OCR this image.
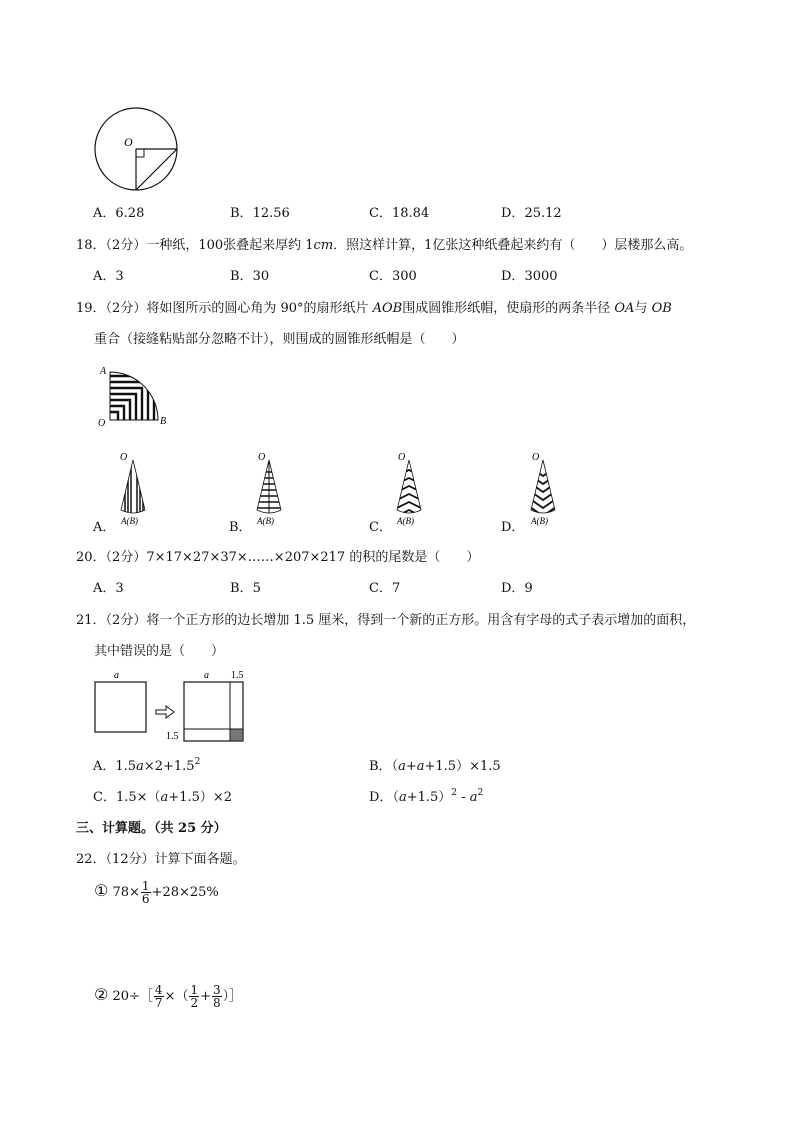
O
A．6.28	B．12.56	C．18.84	D．25.12
18．（2分）一种纸，100张叠起来厚约 1cm．照这样计算，1亿张这种纸叠起来约有（　　）层楼那么高。
A．3	B．30	C．300	D．3000
19．（2分）将如图所示的圆心角为 90°的扇形纸片 AOB围成圆锥形纸帽，使扇形的两条半径 OA与 OB
重合（接缝粘贴部分忽略不计），则围成的圆锥形纸帽是（　　）
A
O	B
O
A(B)
A．
O
A(B)
B．
O
A(B)
C．
O
A(B)
D．
20．（2分）7×17×27×37×……×207×217 的积的尾数是（　　）
A．3	B．5	C．7	D．9
21．（2分）将一个正方形的边长增加 1.5 厘米，得到一个新的正方形。用含有字母的式子表示增加的面积，
其中错误的是（　　）
a	a 1.5
1.5
A．$1.5a\times 2+1.5^2$	B．（a+a+1.5）×1.5
C．1.5×（a+1.5）×2	D．$(a+1.5)^2 - a^2$
三、计算题。（共 25 分）
22．（12分）计算下面各题。
① $78\times \frac{1}{6} +28\times 25\%$
② 20÷［ $\frac{4}{7}$ ×（ $\frac{1}{2} + \frac{3}{8}$ ）］
